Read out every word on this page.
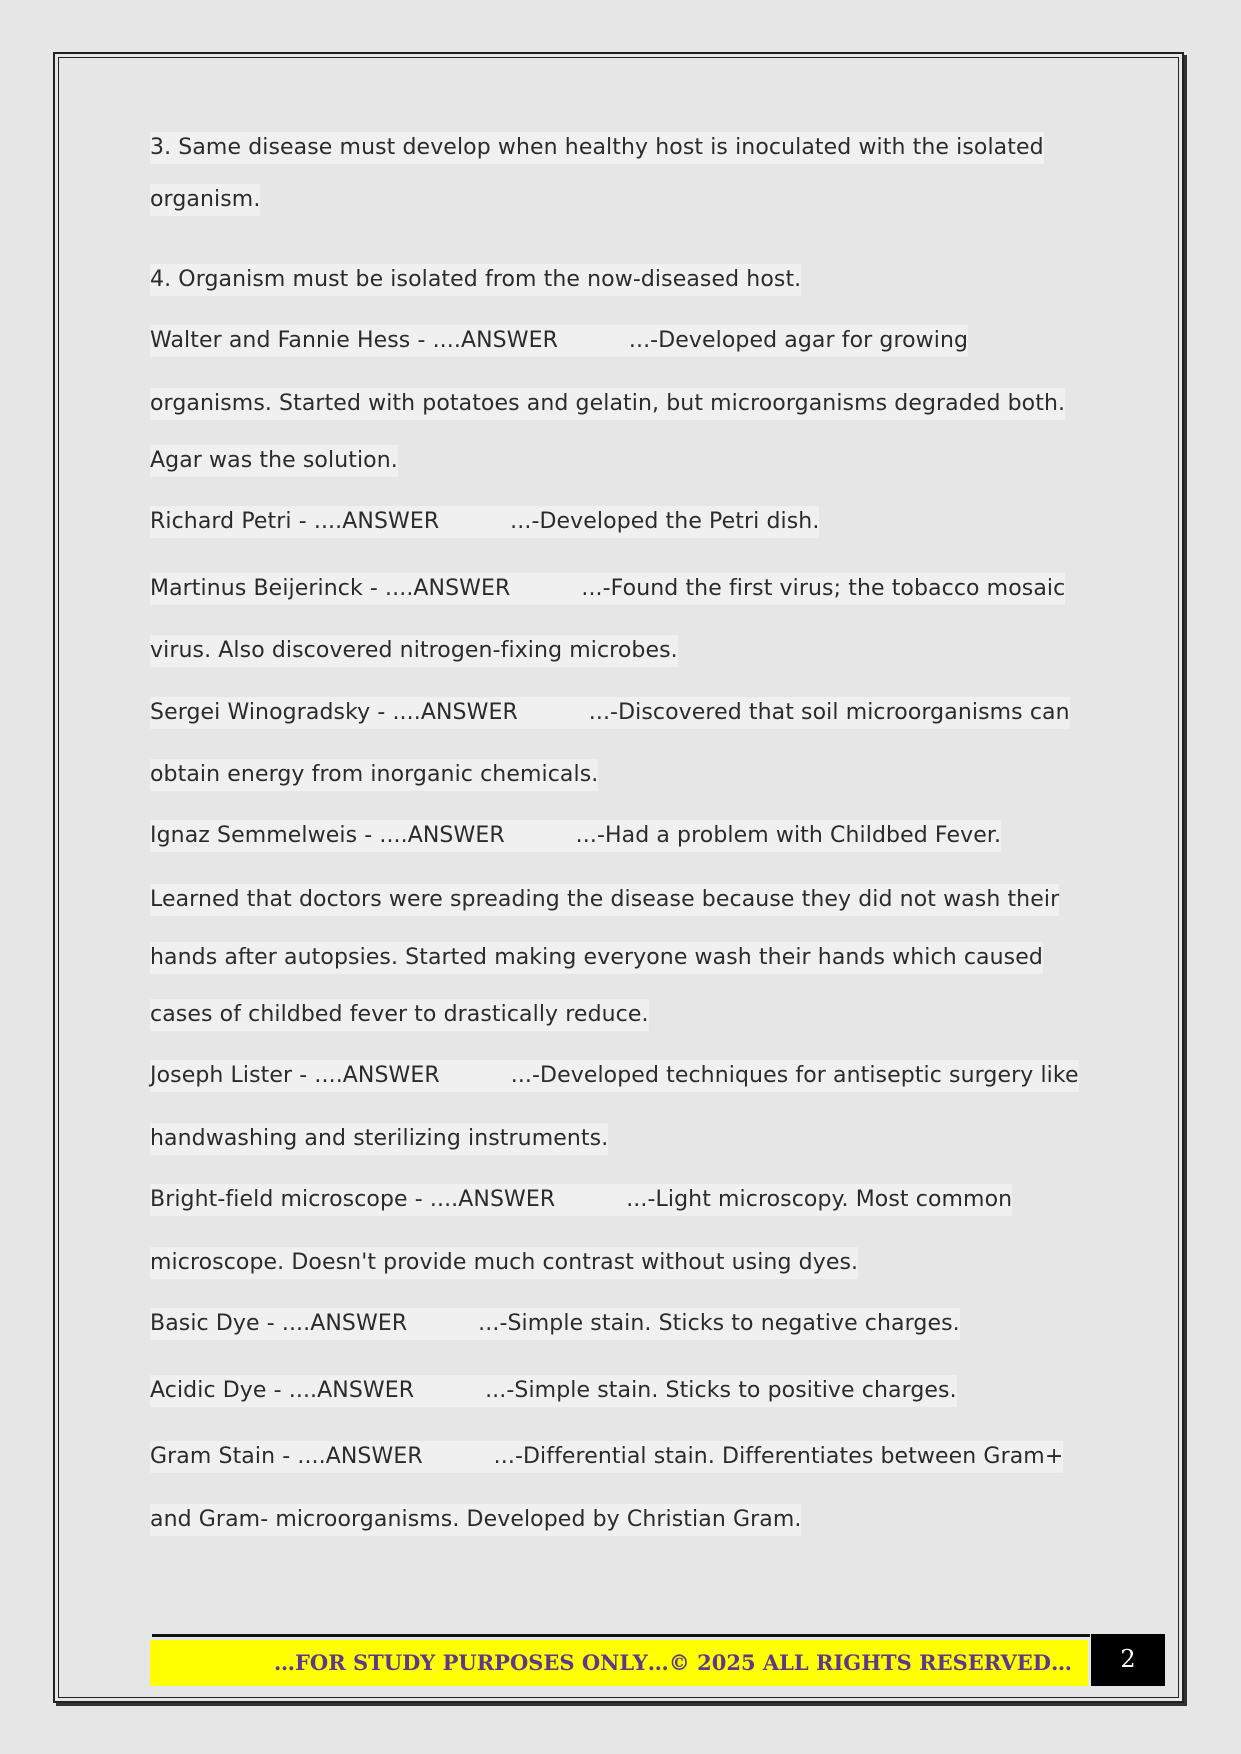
3. Same disease must develop when healthy host is inoculated with the isolated
organism.
4. Organism must be isolated from the now-diseased host.
Walter and Fannie Hess - ....ANSWER          ...-Developed agar for growing
organisms. Started with potatoes and gelatin, but microorganisms degraded both.
Agar was the solution.
Richard Petri - ....ANSWER          ...-Developed the Petri dish.
Martinus Beijerinck - ....ANSWER          ...-Found the first virus; the tobacco mosaic
virus. Also discovered nitrogen-fixing microbes.
Sergei Winogradsky - ....ANSWER          ...-Discovered that soil microorganisms can
obtain energy from inorganic chemicals.
Ignaz Semmelweis - ....ANSWER          ...-Had a problem with Childbed Fever.
Learned that doctors were spreading the disease because they did not wash their
hands after autopsies. Started making everyone wash their hands which caused
cases of childbed fever to drastically reduce.
Joseph Lister - ....ANSWER          ...-Developed techniques for antiseptic surgery like
handwashing and sterilizing instruments.
Bright-field microscope - ....ANSWER          ...-Light microscopy. Most common
microscope. Doesn't provide much contrast without using dyes.
Basic Dye - ....ANSWER          ...-Simple stain. Sticks to negative charges.
Acidic Dye - ....ANSWER          ...-Simple stain. Sticks to positive charges.
Gram Stain - ....ANSWER          ...-Differential stain. Differentiates between Gram+
and Gram- microorganisms. Developed by Christian Gram.
…FOR STUDY PURPOSES ONLY…© 2025 ALL RIGHTS RESERVED…	2
